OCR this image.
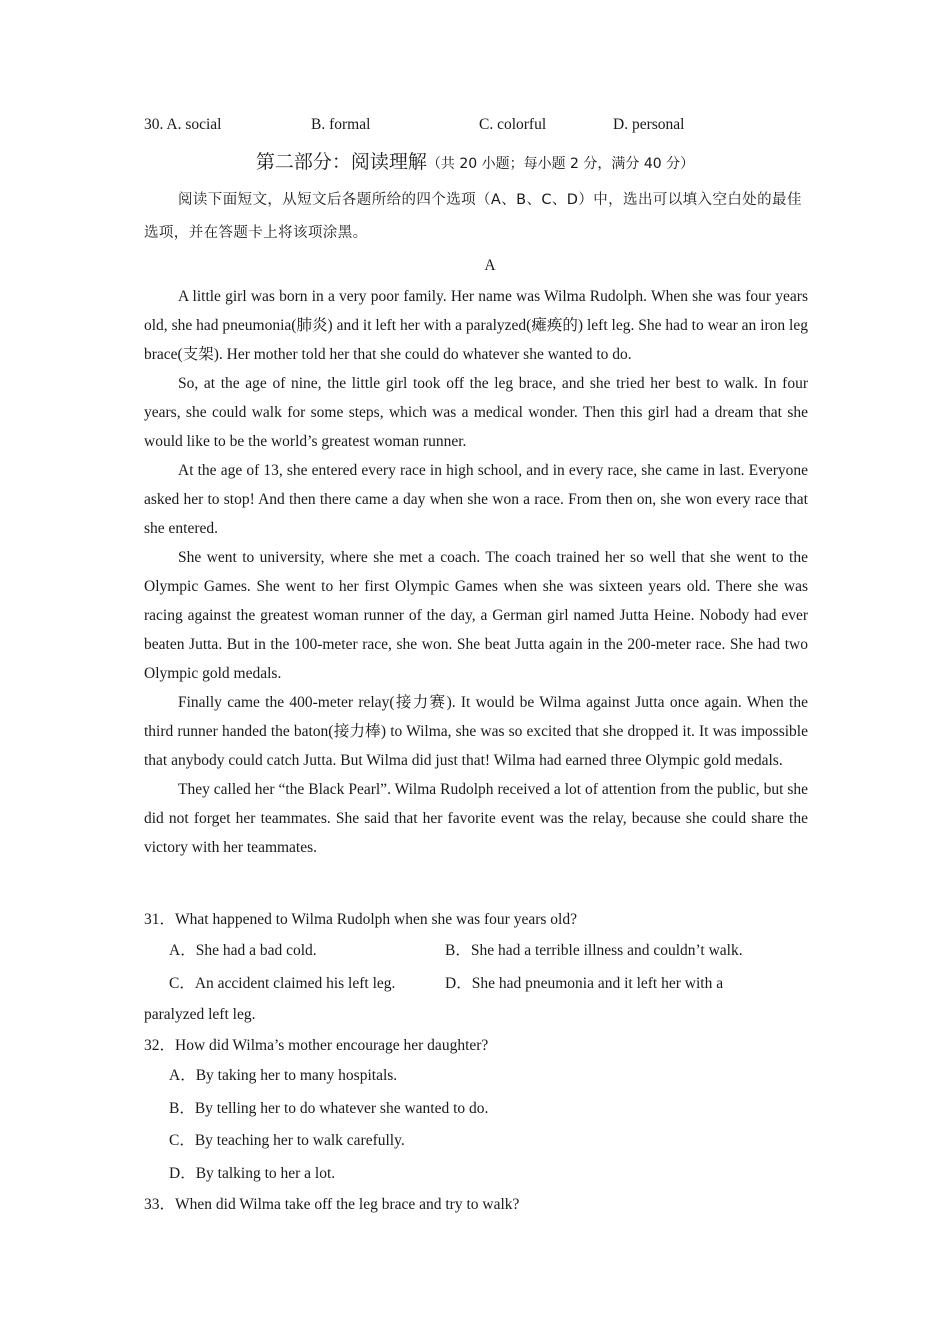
30. A. social	B. formal	C. colorful	D. personal
第二部分：阅读理解（共 20 小题；每小题 2 分，满分 40 分）

阅读下面短文，从短文后各题所给的四个选项（A、B、C、D）中，选出可以填入空白处的最佳选项，并在答题卡上将该项涂黑。

A

A little girl was born in a very poor family. Her name was Wilma Rudolph. When she was four years old, she had pneumonia(肺炎) and it left her with a paralyzed(瘫痪的) left leg. She had to wear an iron leg brace(支架). Her mother told her that she could do whatever she wanted to do.

So, at the age of nine, the little girl took off the leg brace, and she tried her best to walk. In four years, she could walk for some steps, which was a medical wonder. Then this girl had a dream that she would like to be the world’s greatest woman runner.

At the age of 13, she entered every race in high school, and in every race, she came in last. Everyone asked her to stop! And then there came a day when she won a race. From then on, she won every race that she entered.

She went to university, where she met a coach. The coach trained her so well that she went to the Olympic Games. She went to her first Olympic Games when she was sixteen years old. There she was racing against the greatest woman runner of the day, a German girl named Jutta Heine. Nobody had ever beaten Jutta. But in the 100-meter race, she won. She beat Jutta again in the 200-meter race. She had two Olympic gold medals.

Finally came the 400-meter relay(接力赛). It would be Wilma against Jutta once again. When the third runner handed the baton(接力棒) to Wilma, she was so excited that she dropped it. It was impossible that anybody could catch Jutta. But Wilma did just that! Wilma had earned three Olympic gold medals.

They called her “the Black Pearl”. Wilma Rudolph received a lot of attention from the public, but she did not forget her teammates. She said that her favorite event was the relay, because she could share the victory with her teammates.

31．What happened to Wilma Rudolph when she was four years old?
A．She had a bad cold.	B．She had a terrible illness and couldn’t walk.
C．An accident claimed his left leg.	D．She had pneumonia and it left her with a
paralyzed left leg.
32．How did Wilma’s mother encourage her daughter?
A．By taking her to many hospitals.
B．By telling her to do whatever she wanted to do.
C．By teaching her to walk carefully.
D．By talking to her a lot.
33．When did Wilma take off the leg brace and try to walk?
